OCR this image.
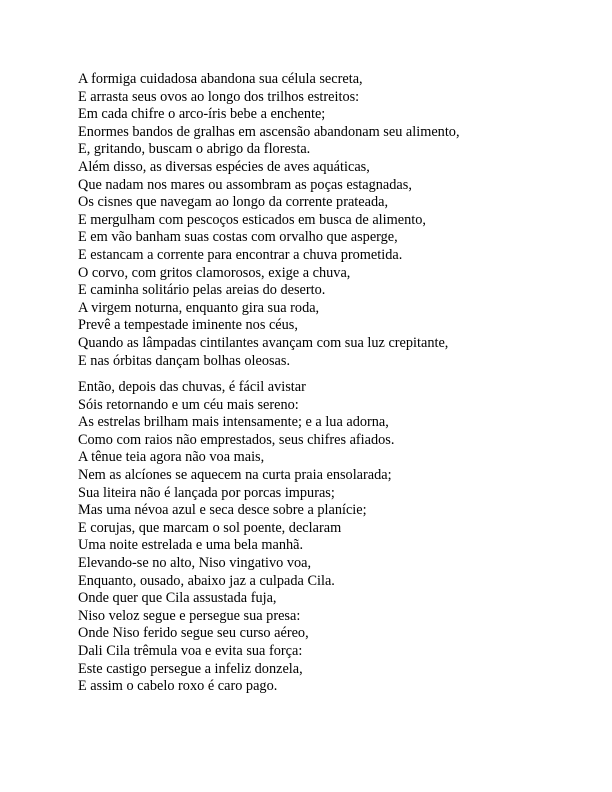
A formiga cuidadosa abandona sua célula secreta,
E arrasta seus ovos ao longo dos trilhos estreitos:
Em cada chifre o arco-íris bebe a enchente;
Enormes bandos de gralhas em ascensão abandonam seu alimento,
E, gritando, buscam o abrigo da floresta.
Além disso, as diversas espécies de aves aquáticas,
Que nadam nos mares ou assombram as poças estagnadas,
Os cisnes que navegam ao longo da corrente prateada,
E mergulham com pescoços esticados em busca de alimento,
E em vão banham suas costas com orvalho que asperge,
E estancam a corrente para encontrar a chuva prometida.
O corvo, com gritos clamorosos, exige a chuva,
E caminha solitário pelas areias do deserto.
A virgem noturna, enquanto gira sua roda,
Prevê a tempestade iminente nos céus,
Quando as lâmpadas cintilantes avançam com sua luz crepitante,
E nas órbitas dançam bolhas oleosas.
Então, depois das chuvas, é fácil avistar
Sóis retornando e um céu mais sereno:
As estrelas brilham mais intensamente; e a lua adorna,
Como com raios não emprestados, seus chifres afiados.
A tênue teia agora não voa mais,
Nem as alcíones se aquecem na curta praia ensolarada;
Sua liteira não é lançada por porcas impuras;
Mas uma névoa azul e seca desce sobre a planície;
E corujas, que marcam o sol poente, declaram
Uma noite estrelada e uma bela manhã.
Elevando-se no alto, Niso vingativo voa,
Enquanto, ousado, abaixo jaz a culpada Cila.
Onde quer que Cila assustada fuja,
Niso veloz segue e persegue sua presa:
Onde Niso ferido segue seu curso aéreo,
Dali Cila trêmula voa e evita sua força:
Este castigo persegue a infeliz donzela,
E assim o cabelo roxo é caro pago.
